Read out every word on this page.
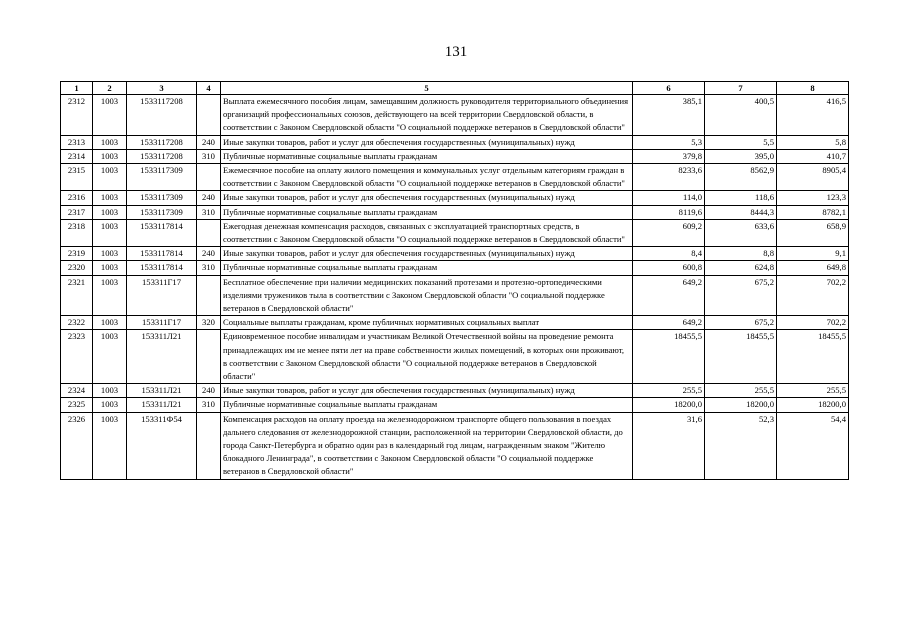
131
1	2	3	4	5	6	7	8
2312	1003	1533117208		Выплата ежемесячного пособия лицам, замещавшим должность руководителя территориального объединения организаций профессиональных союзов, действующего на всей территории Свердловской области, в соответствии с Законом Свердловской области "О социальной поддержке ветеранов в Свердловской области"	385,1	400,5	416,5
2313	1003	1533117208	240	Иные закупки товаров, работ и услуг для обеспечения государственных (муниципальных) нужд	5,3	5,5	5,8
2314	1003	1533117208	310	Публичные нормативные социальные выплаты гражданам	379,8	395,0	410,7
2315	1003	1533117309		Ежемесячное пособие на оплату жилого помещения и коммунальных услуг отдельным категориям граждан в соответствии с Законом Свердловской области "О социальной поддержке ветеранов в Свердловской области"	8233,6	8562,9	8905,4
2316	1003	1533117309	240	Иные закупки товаров, работ и услуг для обеспечения государственных (муниципальных) нужд	114,0	118,6	123,3
2317	1003	1533117309	310	Публичные нормативные социальные выплаты гражданам	8119,6	8444,3	8782,1
2318	1003	1533117814		Ежегодная денежная компенсация расходов, связанных с эксплуатацией транспортных средств, в соответствии с Законом Свердловской области "О социальной поддержке ветеранов в Свердловской области"	609,2	633,6	658,9
2319	1003	1533117814	240	Иные закупки товаров, работ и услуг для обеспечения государственных (муниципальных) нужд	8,4	8,8	9,1
2320	1003	1533117814	310	Публичные нормативные социальные выплаты гражданам	600,8	624,8	649,8
2321	1003	153311Г17		Бесплатное обеспечение при наличии медицинских показаний протезами и протезно-ортопедическими изделиями тружеников тыла в соответствии с Законом Свердловской области "О социальной поддержке ветеранов в Свердловской области"	649,2	675,2	702,2
2322	1003	153311Г17	320	Социальные выплаты гражданам, кроме публичных нормативных социальных выплат	649,2	675,2	702,2
2323	1003	153311Л21		Единовременное пособие инвалидам и участникам Великой Отечественной войны на проведение ремонта принадлежащих им не менее пяти лет на праве собственности жилых помещений, в которых они проживают, в соответствии с Законом Свердловской области "О социальной поддержке ветеранов в Свердловской области"	18455,5	18455,5	18455,5
2324	1003	153311Л21	240	Иные закупки товаров, работ и услуг для обеспечения государственных (муниципальных) нужд	255,5	255,5	255,5
2325	1003	153311Л21	310	Публичные нормативные социальные выплаты гражданам	18200,0	18200,0	18200,0
2326	1003	153311Ф54		Компенсация расходов на оплату проезда на железнодорожном транспорте общего пользования в поездах дальнего следования от железнодорожной станции, расположенной на территории Свердловской области, до города Санкт-Петербурга и обратно один раз в календарный год лицам, награжденным знаком "Жителю блокадного Ленинграда", в соответствии с Законом Свердловской области "О социальной поддержке ветеранов в Свердловской области"	31,6	52,3	54,4
